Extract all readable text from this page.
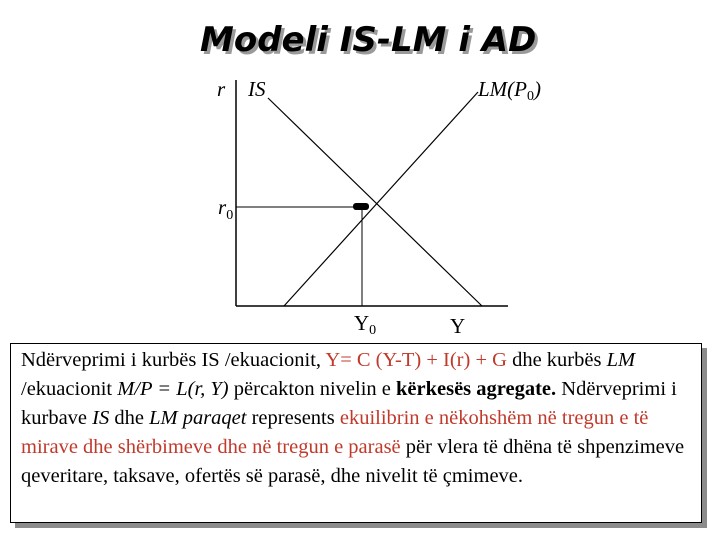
Modeli IS-LM i AD
r IS	LM(P0)
$r_0$
Y0	Y
Ndërveprimi i kurbës IS /ekuacionit, Y= C (Y-T) + I(r) + G dhe kurbës LM /ekuacionit M/P = L(r, Y) përcakton nivelin e kërkesës agregate. Ndërveprimi i kurbave IS dhe LM paraqet represents ekuilibrin e nëkohshëm në tregun e të mirave dhe shërbimeve dhe në tregun e parasë për vlera të dhëna të shpenzimeve qeveritare, taksave, ofertës së parasë, dhe nivelit të çmimeve.
